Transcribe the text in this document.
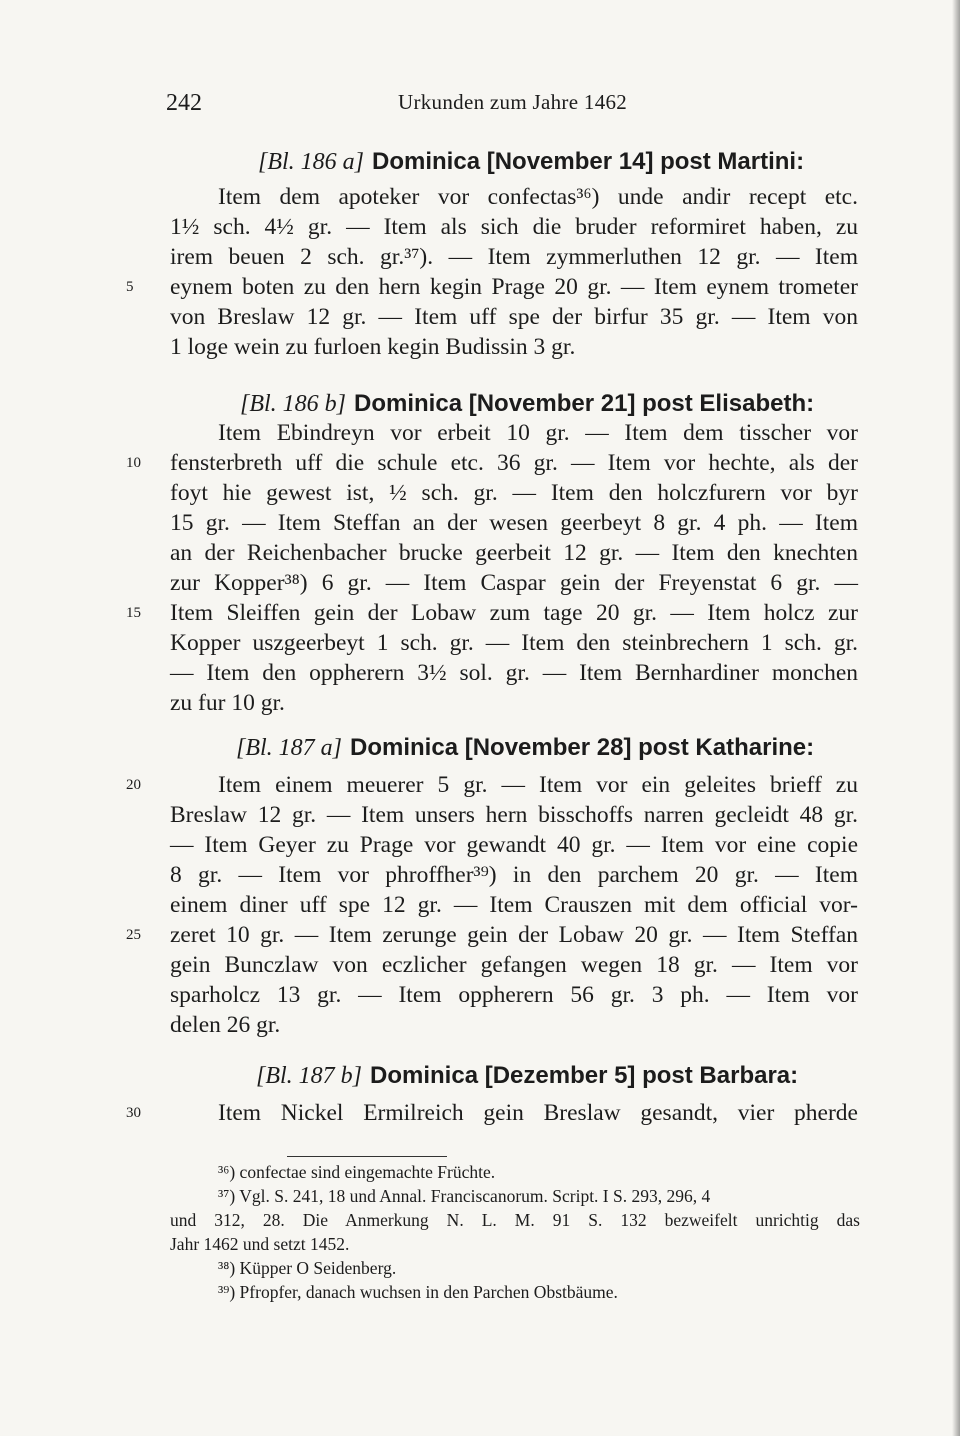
242	Urkunden zum Jahre 1462
[Bl. 186 a] Dominica [November 14] post Martini:
Item dem apoteker vor confectas³⁶) unde andir recept etc.
1½ sch. 4½ gr. — Item als sich die bruder reformiret haben, zu
irem beuen 2 sch. gr.³⁷). — Item zymmerluthen 12 gr. — Item
5	eynem boten zu den hern kegin Prage 20 gr. — Item eynem trometer
von Breslaw 12 gr. — Item uff spe der birfur 35 gr. — Item von
1 loge wein zu furloen kegin Budissin 3 gr.
[Bl. 186 b] Dominica [November 21] post Elisabeth:
Item Ebindreyn vor erbeit 10 gr. — Item dem tisscher vor
10	fensterbreth uff die schule etc. 36 gr. — Item vor hechte, als der
foyt hie gewest ist, ½ sch. gr. — Item den holczfurern vor byr
15 gr. — Item Steffan an der wesen geerbeyt 8 gr. 4 ph. — Item
an der Reichenbacher brucke geerbeit 12 gr. — Item den knechten
zur Kopper³⁸) 6 gr. — Item Caspar gein der Freyenstat 6 gr. —
15	Item Sleiffen gein der Lobaw zum tage 20 gr. — Item holcz zur
Kopper uszgeerbeyt 1 sch. gr. — Item den steinbrechern 1 sch. gr.
— Item den oppherern 3½ sol. gr. — Item Bernhardiner monchen
zu fur 10 gr.
[Bl. 187 a] Dominica [November 28] post Katharine:
20	Item einem meuerer 5 gr. — Item vor ein geleites brieff zu
Breslaw 12 gr. — Item unsers hern bisschoffs narren gecleidt 48 gr.
— Item Geyer zu Prage vor gewandt 40 gr. — Item vor eine copie
8 gr. — Item vor phroffher³⁹) in den parchem 20 gr. — Item
einem diner uff spe 12 gr. — Item Crauszen mit dem official vor-
25	zeret 10 gr. — Item zerunge gein der Lobaw 20 gr. — Item Steffan
gein Bunczlaw von eczlicher gefangen wegen 18 gr. — Item vor
sparholcz 13 gr. — Item oppherern 56 gr. 3 ph. — Item vor
delen 26 gr.
[Bl. 187 b] Dominica [Dezember 5] post Barbara:
30	Item Nickel Ermilreich gein Breslaw gesandt, vier pherde
³⁶) confectae sind eingemachte Früchte.
³⁷) Vgl. S. 241, 18 und Annal. Franciscanorum. Script. I S. 293, 296, 4
und 312, 28. Die Anmerkung N. L. M. 91 S. 132 bezweifelt unrichtig das
Jahr 1462 und setzt 1452.
³⁸) Küpper O Seidenberg.
³⁹) Pfropfer, danach wuchsen in den Parchen Obstbäume.
